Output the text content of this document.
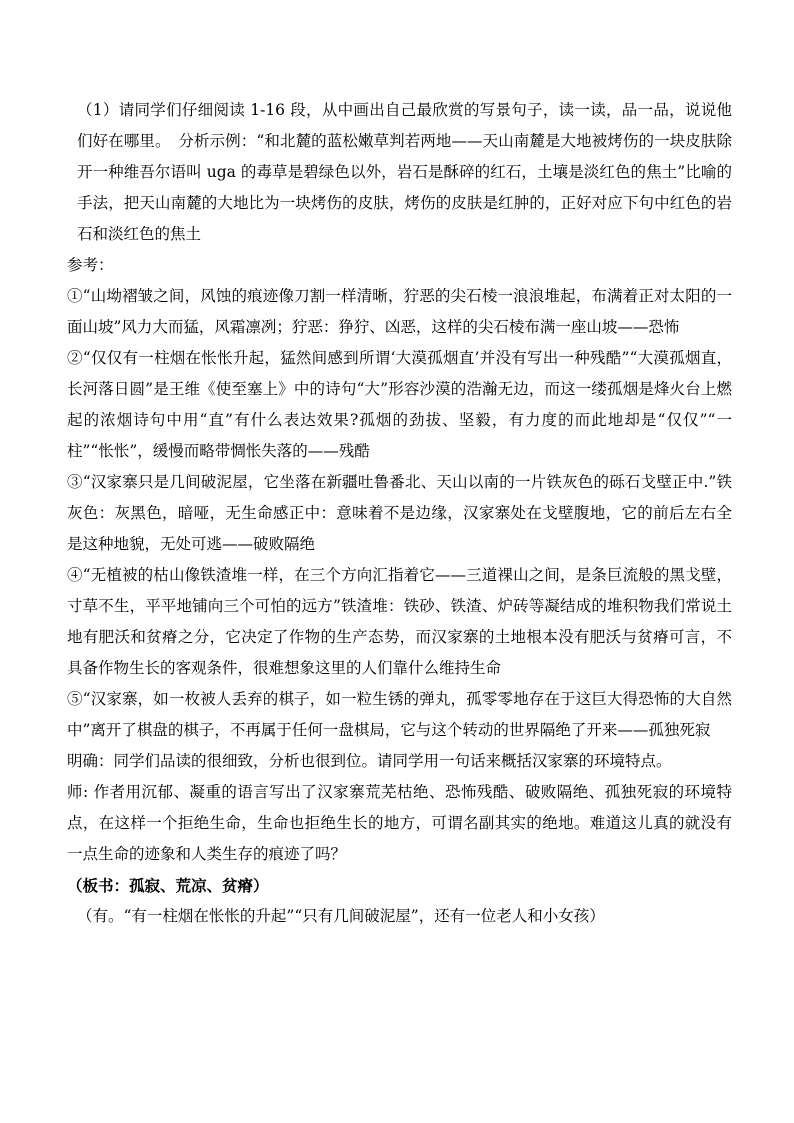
（1）请同学们仔细阅读 1-16 段，从中画出自己最欣赏的写景句子，读一读，品一品，说说他们好在哪里。　分析示例：“和北麓的蓝松嫩草判若两地——天山南麓是大地被烤伤的一块皮肤除开一种维吾尔语叫 uga 的毒草是碧绿色以外，岩石是酥碎的红石，土壤是淡红色的焦土”比喻的手法，把天山南麓的大地比为一块烤伤的皮肤，烤伤的皮肤是红肿的，正好对应下句中红色的岩石和淡红色的焦土

参考：

①“山坳褶皱之间，风蚀的痕迹像刀割一样清晰，狞恶的尖石棱一浪浪堆起，布满着正对太阳的一面山坡”风力大而猛，风霜凛冽；狞恶：狰狞、凶恶，这样的尖石棱布满一座山坡——恐怖

②“仅仅有一柱烟在怅怅升起，猛然间感到所谓‘大漠孤烟直’并没有写出一种残酷”“大漠孤烟直，长河落日圆”是王维《使至塞上》中的诗句“大”形容沙漠的浩瀚无边，而这一缕孤烟是烽火台上燃起的浓烟诗句中用“直”有什么表达效果?孤烟的劲拔、坚毅，有力度的而此地却是“仅仅”“一柱”“怅怅”，缓慢而略带惆怅失落的——残酷

③“汉家寨只是几间破泥屋，它坐落在新疆吐鲁番北、天山以南的一片铁灰色的砾石戈壁正中.”铁灰色：灰黑色，暗哑，无生命感正中：意味着不是边缘，汉家寨处在戈壁腹地，它的前后左右全是这种地貌，无处可逃——破败隔绝

④“无植被的枯山像铁渣堆一样，在三个方向汇指着它——三道裸山之间，是条巨流般的黑戈壁，寸草不生，平平地铺向三个可怕的远方”铁渣堆：铁砂、铁渣、炉砖等凝结成的堆积物我们常说土地有肥沃和贫瘠之分，它决定了作物的生产态势，而汉家寨的土地根本没有肥沃与贫瘠可言，不具备作物生长的客观条件，很难想象这里的人们靠什么维持生命

⑤“汉家寨，如一枚被人丢弃的棋子，如一粒生锈的弹丸，孤零零地存在于这巨大得恐怖的大自然中”离开了棋盘的棋子，不再属于任何一盘棋局，它与这个转动的世界隔绝了开来——孤独死寂

明确：同学们品读的很细致，分析也很到位。请同学用一句话来概括汉家寨的环境特点。

师: 作者用沉郁、凝重的语言写出了汉家寨荒芜枯绝、恐怖残酷、破败隔绝、孤独死寂的环境特点，在这样一个拒绝生命，生命也拒绝生长的地方，可谓名副其实的绝地。难道这儿真的就没有一点生命的迹象和人类生存的痕迹了吗？

（板书：孤寂、荒凉、贫瘠）

（有。“有一柱烟在怅怅的升起”“只有几间破泥屋”，还有一位老人和小女孩）
